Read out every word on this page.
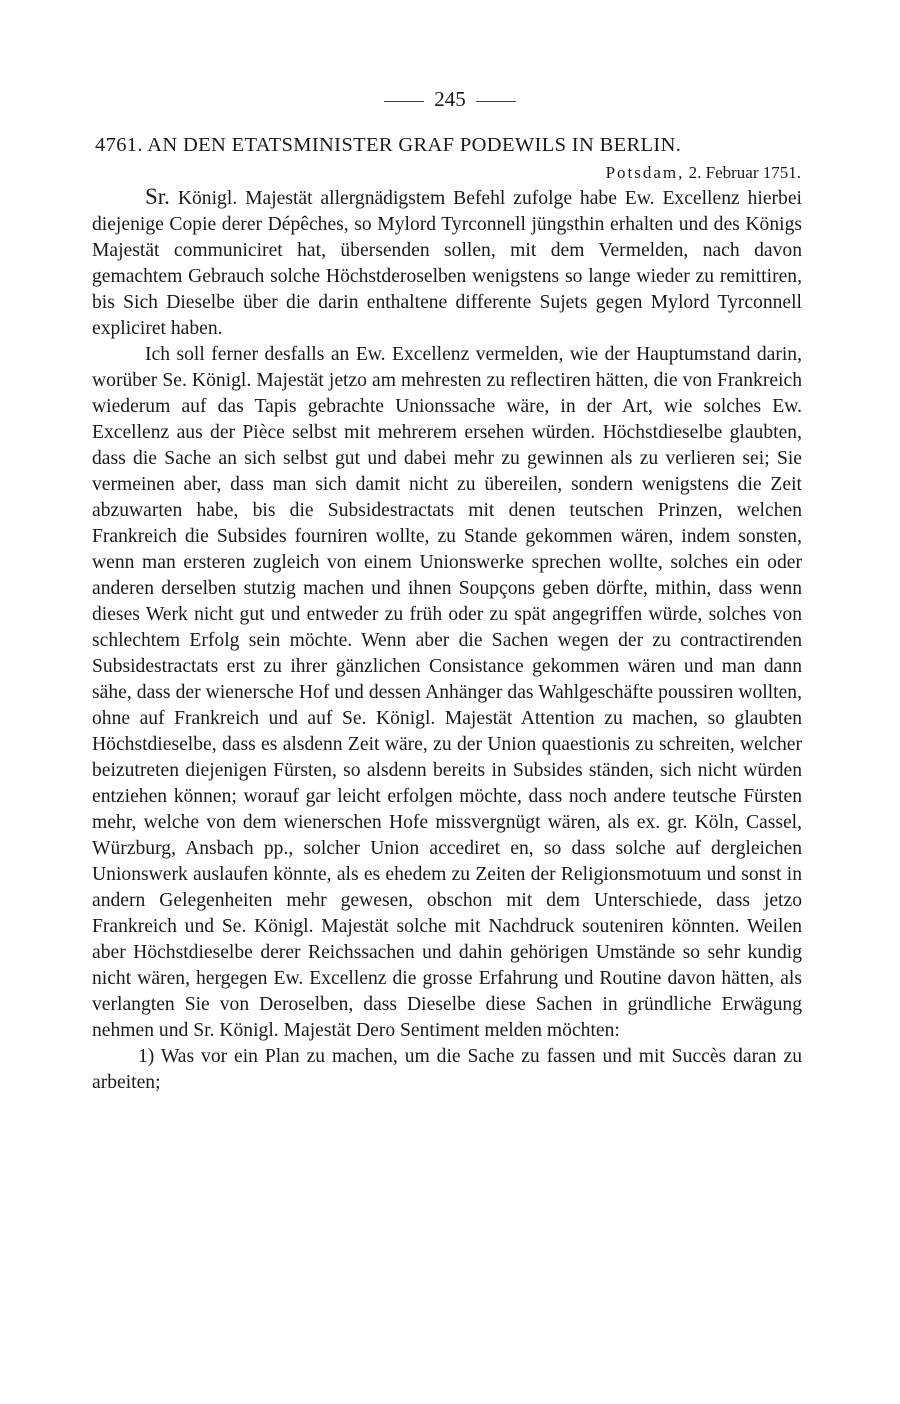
245
4761. AN DEN ETATSMINISTER GRAF PODEWILS IN BERLIN.
Potsdam, 2. Februar 1751.

Sr. Königl. Majestät allergnädigstem Befehl zufolge habe Ew. Excellenz hierbei diejenige Copie derer Dépêches, so Mylord Tyrconnell jüngsthin erhalten und des Königs Majestät communiciret hat, übersenden sollen, mit dem Vermelden, nach davon gemachtem Gebrauch solche Höchstderoselben wenigstens so lange wieder zu remittiren, bis Sich Dieselbe über die darin enthaltene differente Sujets gegen Mylord Tyrconnell expliciret haben.

Ich soll ferner desfalls an Ew. Excellenz vermelden, wie der Hauptumstand darin, worüber Se. Königl. Majestät jetzo am mehresten zu reflectiren hätten, die von Frankreich wiederum auf das Tapis gebrachte Unionssache wäre, in der Art, wie solches Ew. Excellenz aus der Pièce selbst mit mehrerem ersehen würden. Höchstdieselbe glaubten, dass die Sache an sich selbst gut und dabei mehr zu gewinnen als zu verlieren sei; Sie vermeinen aber, dass man sich damit nicht zu übereilen, sondern wenigstens die Zeit abzuwarten habe, bis die Subsidestractats mit denen teutschen Prinzen, welchen Frankreich die Subsides fourniren wollte, zu Stande gekommen wären, indem sonsten, wenn man ersteren zugleich von einem Unionswerke sprechen wollte, solches ein oder anderen derselben stutzig machen und ihnen Soupçons geben dörfte, mithin, dass wenn dieses Werk nicht gut und entweder zu früh oder zu spät angegriffen würde, solches von schlechtem Erfolg sein möchte. Wenn aber die Sachen wegen der zu contractirenden Subsidestractats erst zu ihrer gänzlichen Consistance gekommen wären und man dann sähe, dass der wienersche Hof und dessen Anhänger das Wahlgeschäfte poussiren wollten, ohne auf Frankreich und auf Se. Königl. Majestät Attention zu machen, so glaubten Höchstdieselbe, dass es alsdenn Zeit wäre, zu der Union quaestionis zu schreiten, welcher beizutreten diejenigen Fürsten, so alsdenn bereits in Subsides ständen, sich nicht würden entziehen können; worauf gar leicht erfolgen möchte, dass noch andere teutsche Fürsten mehr, welche von dem wienerschen Hofe missvergnügt wären, als ex. gr. Köln, Cassel, Würzburg, Ansbach pp., solcher Union accediret en, so dass solche auf dergleichen Unionswerk auslaufen könnte, als es ehedem zu Zeiten der Religionsmotuum und sonst in andern Gelegenheiten mehr gewesen, obschon mit dem Unterschiede, dass jetzo Frankreich und Se. Königl. Majestät solche mit Nachdruck souteniren könnten. Weilen aber Höchstdieselbe derer Reichssachen und dahin gehörigen Umstände so sehr kundig nicht wären, hergegen Ew. Excellenz die grosse Erfahrung und Routine davon hätten, als verlangten Sie von Deroselben, dass Dieselbe diese Sachen in gründliche Erwägung nehmen und Sr. Königl. Majestät Dero Sentiment melden möchten:

1) Was vor ein Plan zu machen, um die Sache zu fassen und mit Succès daran zu arbeiten;
